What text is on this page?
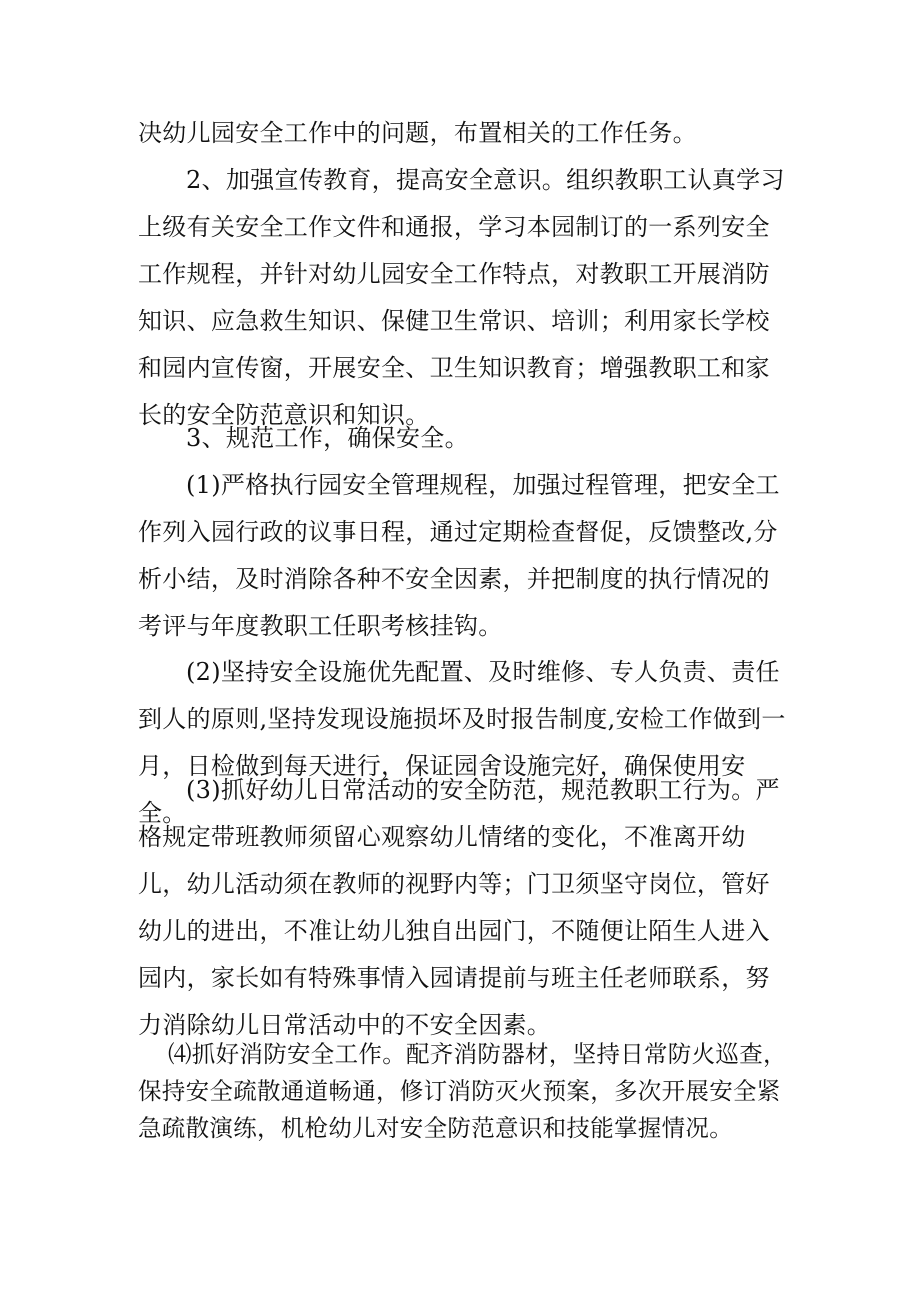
决幼儿园安全工作中的问题，布置相关的工作任务。

2、加强宣传教育，提高安全意识。组织教职工认真学习上级有关安全工作文件和通报，学习本园制订的一系列安全工作规程，并针对幼儿园安全工作特点，对教职工开展消防知识、应急救生知识、保健卫生常识、培训；利用家长学校和园内宣传窗，开展安全、卫生知识教育；增强教职工和家长的安全防范意识和知识。

3、规范工作，确保安全。

(1)严格执行园安全管理规程，加强过程管理，把安全工作列入园行政的议事日程，通过定期检查督促，反馈整改,分析小结，及时消除各种不安全因素，并把制度的执行情况的考评与年度教职工任职考核挂钩。

(2)坚持安全设施优先配置、及时维修、专人负责、责任到人的原则,坚持发现设施损坏及时报告制度,安检工作做到一月，日检做到每天进行，保证园舍设施完好，确保使用安全。

(3)抓好幼儿日常活动的安全防范，规范教职工行为。严格规定带班教师须留心观察幼儿情绪的变化，不准离开幼儿，幼儿活动须在教师的视野内等；门卫须坚守岗位，管好幼儿的进出，不准让幼儿独自出园门，不随便让陌生人进入园内，家长如有特殊事情入园请提前与班主任老师联系，努力消除幼儿日常活动中的不安全因素。

⑷抓好消防安全工作。配齐消防器材，坚持日常防火巡查，保持安全疏散通道畅通，修订消防灭火预案，多次开展安全紧急疏散演练，机枪幼儿对安全防范意识和技能掌握情况。
